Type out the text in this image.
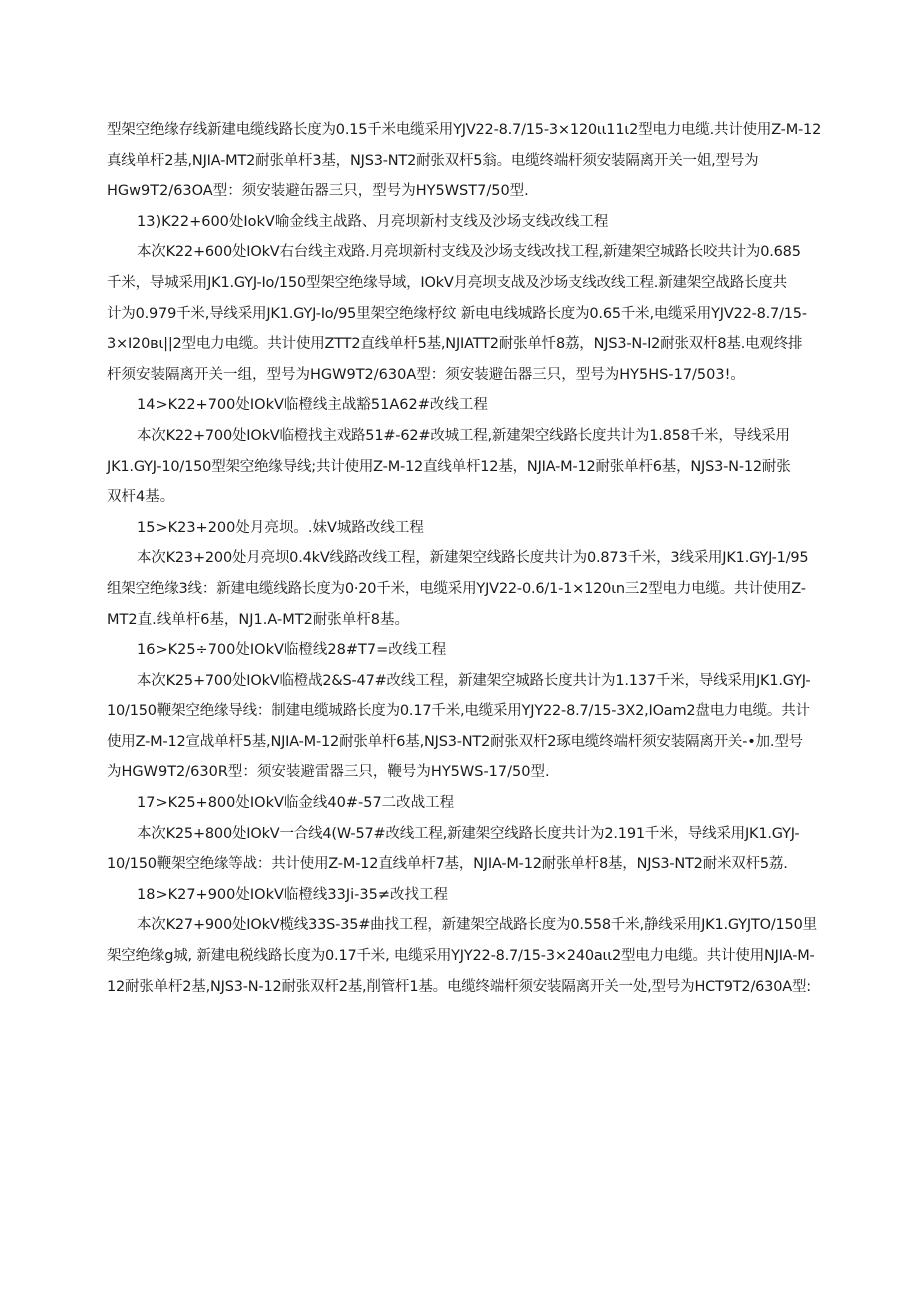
型架空绝缘存线新建电缆线路长度为0.15千米电缆采用YJV22-8.7/15-3×120ιι11ι2型电力电缆.共计使用Z-M-12
真线单杆2基,NJIA-MT2耐张单杆3基，NJS3-NT2耐张双杆5翁。电缆终端杆须安装隔离开关一姐,型号为
HGw9T2/63OA型：须安装避缶器三只，型号为HY5WST7/50型.
13)K22+600处IokV喻金线主战路、月亮坝新村支线及沙场支线改线工程
本次K22+600处IOkV右台线主戏路.月亮坝新村支线及沙场支线改找工程,新建架空城路长咬共计为0.685
千米，导城采用JK1.GYJ-Io/150型架空绝缘导域，IOkV月亮坝支战及沙场支线改线工程.新建架空战路长度共
计为0.979千米,导线采用JK1.GYJ-Io/95里架空绝缘杼纹 新电电线城路长度为0.65千米,电缆采用YJV22-8.7/15-
3×I20вι||2型电力电缆。共计使用ZTT2直线单杆5基,NJIATT2耐张单忏8荔，NJS3-N-I2耐张双杆8基.电观终排
杆须安装隔离开关一组，型号为HGW9T2/630A型：须安装避缶器三只，型号为HY5HS-17/503!。
14>K22+700处IOkV临橙线主战豁51A62#改线工程
本次K22+700处IOkV临橙找主戏路51#-62#改城工程,新建架空线路长度共计为1.858千米，导线采用
JK1.GYJ-10/150型架空绝缘导线;共计使用Z-M-12直线单杆12基，NJIA-M-12耐张单杆6基，NJS3-N-12耐张
双杆4基。
15>K23+200处月亮坝。.妹V城路改线工程
本次K23+200处月亮坝0.4kV线路改线工程，新建架空线路长度共计为0.873千米，3线采用JK1.GYJ-1/95
组架空绝缘3线：新建电缆线路长度为0·20千米，电缆采用YJV22-0.6/1-1×120ιn三2型电力电缆。共计使用Z-
MT2直.线单杆6基，NJ1.A-MT2耐张单杆8基。
16>K25÷700处IOkV临橙线28#T7=改线工程
本次K25+700处IOkV临橙战2&S-47#改线工程，新建架空城路长度共计为1.137千米，导线采用JK1.GYJ-
10/150鞭架空绝缘导线：制建电缆城路长度为0.17千米,电缆采用YJY22-8.7/15-3X2,IOam2盘电力电缆。共计
使用Z-M-12宣战单杆5基,NJIA-M-12耐张单杆6基,NJS3-NT2耐张双杆2琢电缆终端杆须安装隔离开关-•加.型号
为HGW9T2/630R型：须安装避雷器三只，鞭号为HY5WS-17/50型.
17>K25+800处IOkV临金线40#-57二改战工程
本次K25+800处IOkV一合线4(W-57#改线工程,新建架空线路长度共计为2.191千米，导线采用JK1.GYJ-
10/150鞭架空绝缘等战：共计使用Z-M-12直线单杆7基，NJIA-M-12耐张单杆8基，NJS3-NT2耐米双杆5荔.
18>K27+900处IOkV临橙线33Ji-35≠改找工程
本次K27+900处IOkV榄线33S-35#曲找工程，新建架空战路长度为0.558千米,静线采用JK1.GYJTO/150里
架空绝缘g城, 新建电税线路长度为0.17千米, 电缆采用YJY22-8.7/15-3×240aιι2型电力电缆。共计使用NJIA-M-
12耐张单杆2基,NJS3-N-12耐张双杆2基,削管杆1基。电缆终端杆须安装隔离开关一处,型号为HCT9T2/630A型:
